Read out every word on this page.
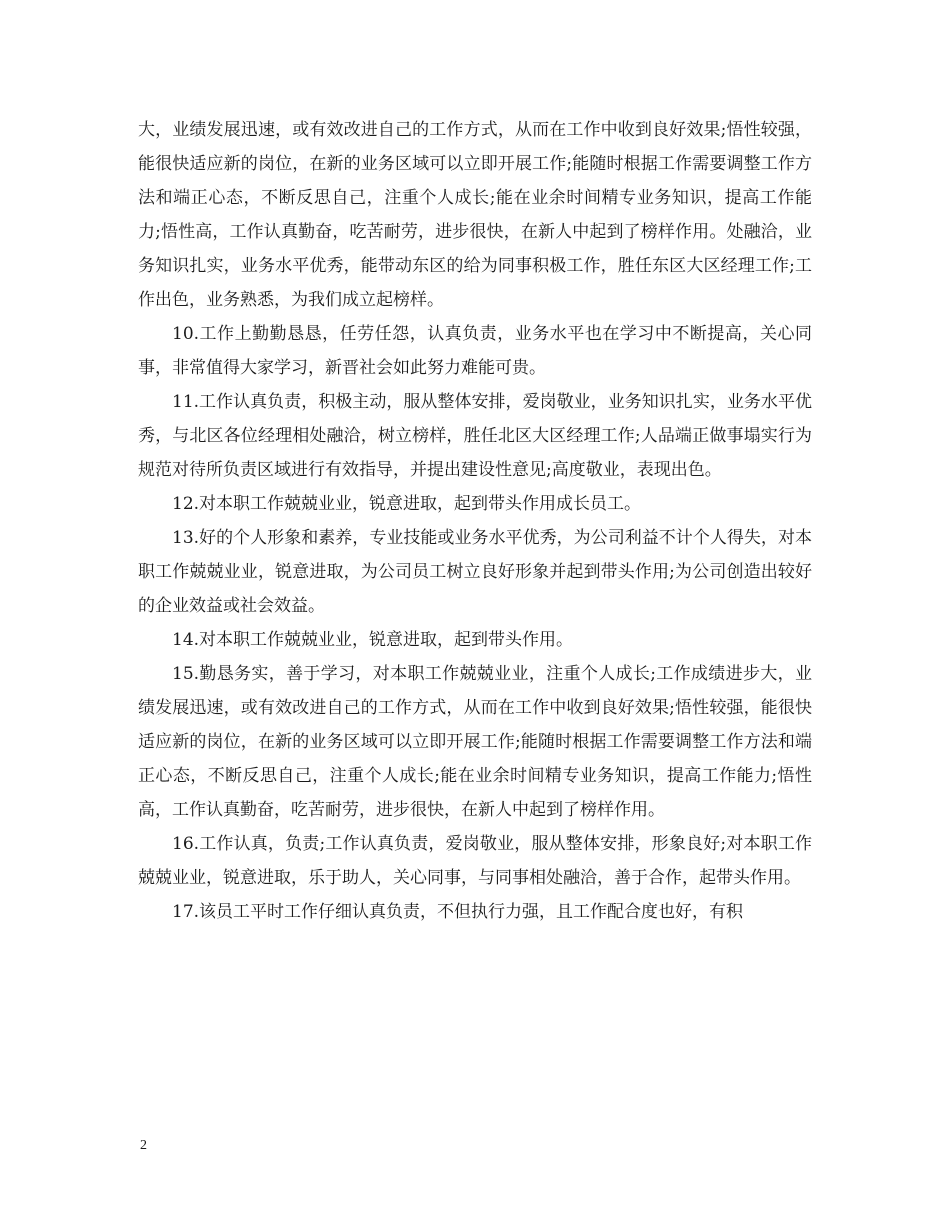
大，业绩发展迅速，或有效改进自己的工作方式，从而在工作中收到良好效果;悟性较强，能很快适应新的岗位，在新的业务区域可以立即开展工作;能随时根据工作需要调整工作方法和端正心态，不断反思自己，注重个人成长;能在业余时间精专业务知识，提高工作能力;悟性高，工作认真勤奋，吃苦耐劳，进步很快，在新人中起到了榜样作用。处融洽，业务知识扎实，业务水平优秀，能带动东区的给为同事积极工作，胜任东区大区经理工作;工作出色，业务熟悉，为我们成立起榜样。

10.工作上勤勤恳恳，任劳任怨，认真负责，业务水平也在学习中不断提高，关心同事，非常值得大家学习，新晋社会如此努力难能可贵。

11.工作认真负责，积极主动，服从整体安排，爱岗敬业，业务知识扎实，业务水平优秀，与北区各位经理相处融洽，树立榜样，胜任北区大区经理工作;人品端正做事塌实行为规范对待所负责区域进行有效指导，并提出建设性意见;高度敬业，表现出色。

12.对本职工作兢兢业业，锐意进取，起到带头作用成长员工。

13.好的个人形象和素养，专业技能或业务水平优秀，为公司利益不计个人得失，对本职工作兢兢业业，锐意进取，为公司员工树立良好形象并起到带头作用;为公司创造出较好的企业效益或社会效益。

14.对本职工作兢兢业业，锐意进取，起到带头作用。

15.勤恳务实，善于学习，对本职工作兢兢业业，注重个人成长;工作成绩进步大，业绩发展迅速，或有效改进自己的工作方式，从而在工作中收到良好效果;悟性较强，能很快适应新的岗位，在新的业务区域可以立即开展工作;能随时根据工作需要调整工作方法和端正心态，不断反思自己，注重个人成长;能在业余时间精专业务知识，提高工作能力;悟性高，工作认真勤奋，吃苦耐劳，进步很快，在新人中起到了榜样作用。

16.工作认真，负责;工作认真负责，爱岗敬业，服从整体安排，形象良好;对本职工作兢兢业业，锐意进取，乐于助人，关心同事，与同事相处融洽，善于合作，起带头作用。

17.该员工平时工作仔细认真负责，不但执行力强，且工作配合度也好，有积

2
